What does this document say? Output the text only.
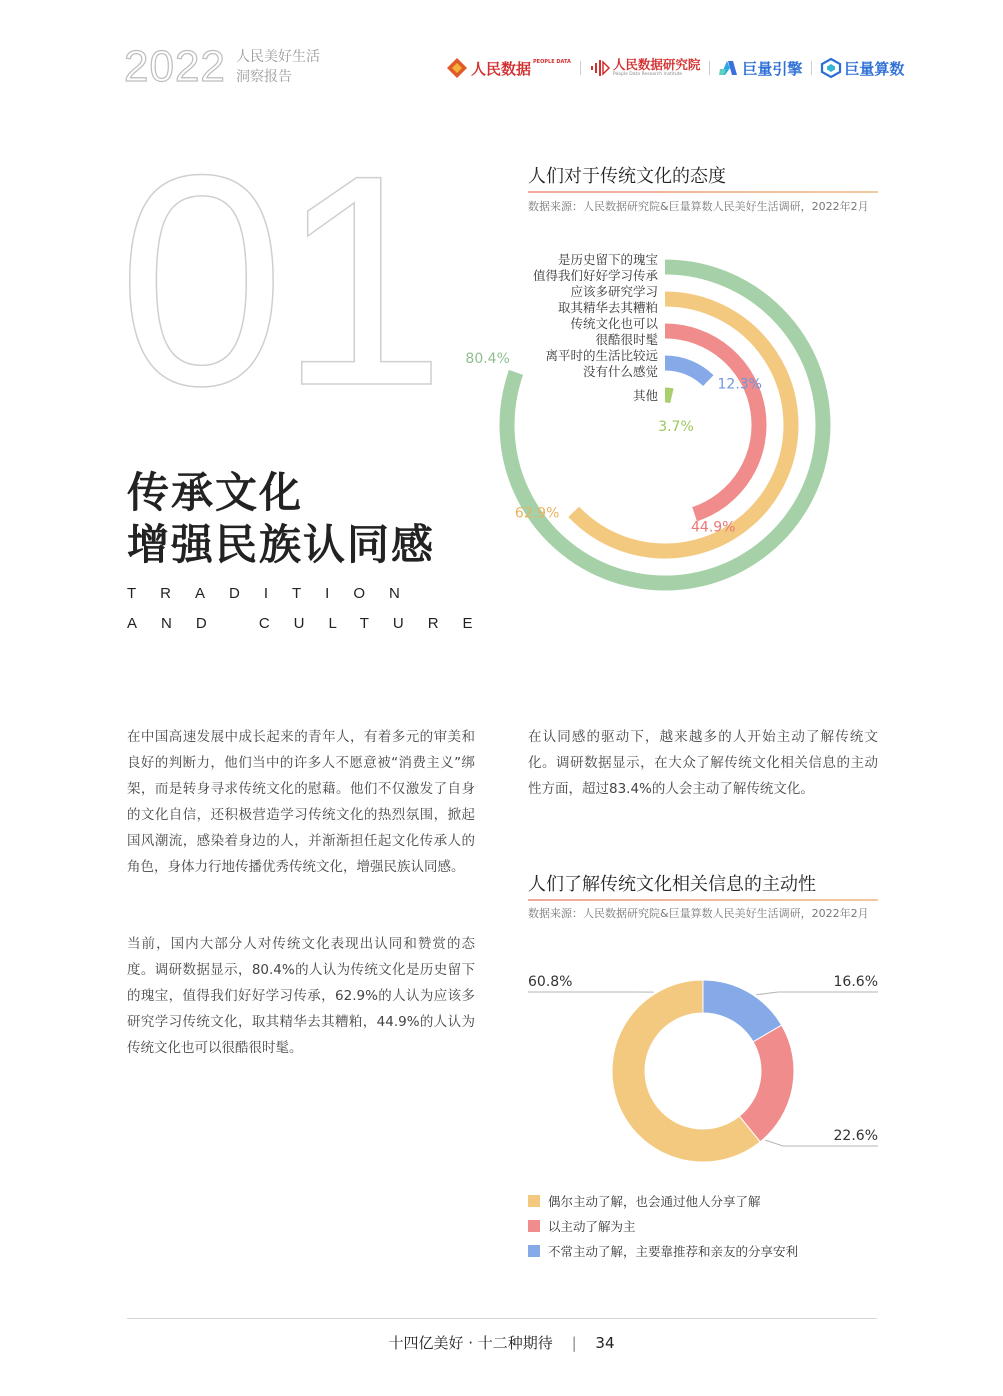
2022 人民美好生活
洞察报告	人民数据 PEOPLE DATA	人民数据研究院
People Data Research Institute	巨量引擎	巨量算数
01
传承文化
增强民族认同感
TRADITION
AND CULTURE
人们对于传统文化的态度
数据来源：人民数据研究院&巨量算数人民美好生活调研，2022年2月
80.4%
是历史留下的瑰宝
值得我们好好学习传承
62.9%
应该多研究学习
取其精华去其糟粕
44.9%
传统文化也可以
很酷很时髦
12.3%
离平时的生活比较远
没有什么感觉
3.7%
其他
在中国高速发展中成长起来的青年人，有着多元的审美和良好的判断力，他们当中的许多人不愿意被“消费主义”绑架，而是转身寻求传统文化的慰藉。他们不仅激发了自身的文化自信，还积极营造学习传统文化的热烈氛围，掀起国风潮流，感染着身边的人，并渐渐担任起文化传承人的角色，身体力行地传播优秀传统文化，增强民族认同感。
当前，国内大部分人对传统文化表现出认同和赞赏的态度。调研数据显示，80.4%的人认为传统文化是历史留下的瑰宝，值得我们好好学习传承，62.9%的人认为应该多研究学习传统文化，取其精华去其糟粕，44.9%的人认为传统文化也可以很酷很时髦。
在认同感的驱动下，越来越多的人开始主动了解传统文化。调研数据显示，在大众了解传统文化相关信息的主动性方面，超过83.4%的人会主动了解传统文化。
人们了解传统文化相关信息的主动性
数据来源：人民数据研究院&巨量算数人民美好生活调研，2022年2月
16.6%
22.6%
60.8%
偶尔主动了解，也会通过他人分享了解
以主动了解为主
不常主动了解，主要靠推荐和亲友的分享安利
十四亿美好 · 十二种期待 | 34
